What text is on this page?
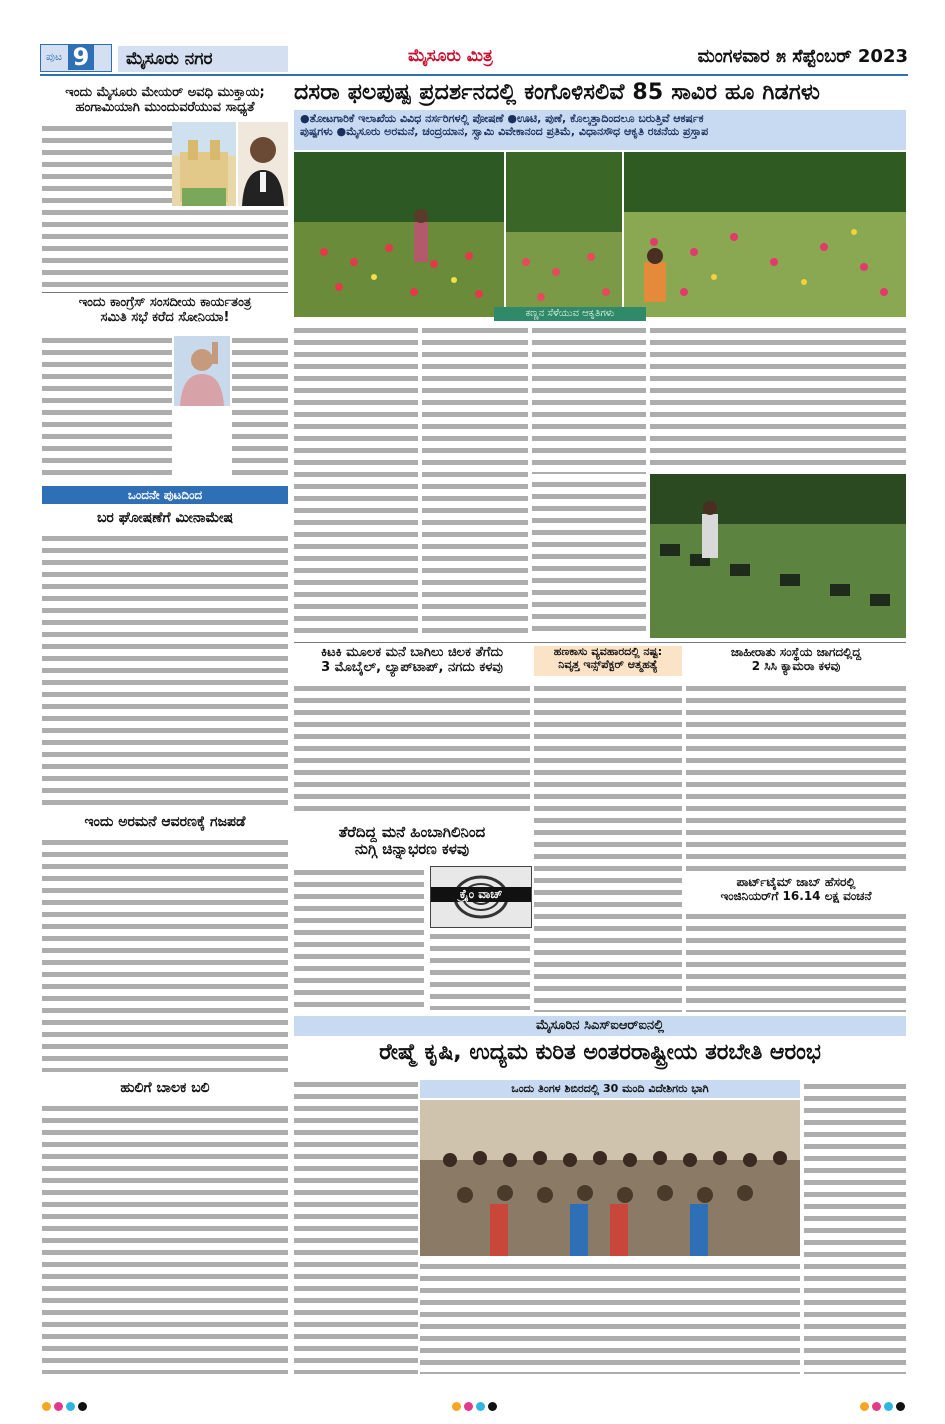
ಪುಟ 9	ಮೈಸೂರು ನಗರ	ಮೈಸೂರು ಮಿತ್ರ	ಮಂಗಳವಾರ ೫ ಸೆಪ್ಟೆಂಬರ್ 2023
ಇಂದು ಮೈಸೂರು ಮೇಯರ್ ಅವಧಿ ಮುಕ್ತಾಯ;
ಹಂಗಾಮಿಯಾಗಿ ಮುಂದುವರೆಯುವ ಸಾಧ್ಯತೆ
ಇಂದು ಕಾಂಗ್ರೆಸ್ ಸಂಸದೀಯ ಕಾರ್ಯತಂತ್ರ
ಸಮಿತಿ ಸಭೆ ಕರೆದ ಸೋನಿಯಾ!
ಒಂದನೇ ಪುಟದಿಂದ
ಬರ ಘೋಷಣೆಗೆ ಮೀನಾಮೇಷ
ಇಂದು ಅರಮನೆ ಆವರಣಕ್ಕೆ ಗಜಪಡೆ
ಹುಲಿಗೆ ಬಾಲಕ ಬಲಿ
ದಸರಾ ಫಲಪುಷ್ಪ ಪ್ರದರ್ಶನದಲ್ಲಿ ಕಂಗೊಳಿಸಲಿವೆ 85 ಸಾವಿರ ಹೂ ಗಿಡಗಳು
●ತೋಟಗಾರಿಕೆ ಇಲಾಖೆಯ ವಿವಿಧ ನರ್ಸರಿಗಳಲ್ಲಿ ಪೋಷಣೆ ●ಊಟಿ, ಪುಣೆ, ಕೊಲ್ಕತ್ತಾದಿಂದಲೂ ಬರುತ್ತಿವೆ ಆಕರ್ಷಕ
ಪುಷ್ಪಗಳು ●ಮೈಸೂರು ಅರಮನೆ, ಚಂದ್ರಯಾನ, ಸ್ವಾಮಿ ವಿವೇಕಾನಂದ ಪ್ರತಿಮೆ, ವಿಧಾನಸೌಧ ಆಕೃತಿ ರಚನೆಯ ಪ್ರಸ್ತಾಪ
ಕಣ್ಣನ ಸೆಳೆಯುವ ಆಕೃತಿಗಳು
ಕಿಟಕಿ ಮೂಲಕ ಮನೆ ಬಾಗಿಲು ಚಿಲಕ ತೆಗೆದು
3 ಮೊಬೈಲ್, ಲ್ಯಾಪ್‌ಟಾಪ್, ನಗದು ಕಳವು
ಹಣಕಾಸು ವ್ಯವಹಾರದಲ್ಲಿ ನಷ್ಟ:
ನಿವೃತ್ತ ಇನ್ಸ್‌ಪೆಕ್ಟರ್ ಆತ್ಮಹತ್ಯೆ
ಜಾಹೀರಾತು ಸಂಸ್ಥೆಯ ಜಾಗದಲ್ಲಿದ್ದ
2 ಸಿಸಿ ಕ್ಯಾಮರಾ ಕಳವು
ತೆರೆದಿದ್ದ ಮನೆ ಹಿಂಬಾಗಿಲಿನಿಂದ
ನುಗ್ಗಿ ಚಿನ್ನಾಭರಣ ಕಳವು
ಕ್ರೈಂ ವಾಚ್
ಪಾರ್ಟ್‌ಟೈಮ್ ಜಾಬ್ ಹೆಸರಲ್ಲಿ
ಇಂಜಿನಿಯರ್‌ಗೆ 16.14 ಲಕ್ಷ ವಂಚನೆ
ಮೈಸೂರಿನ ಸಿಎಸ್‌ಐಆರ್‌ಐನಲ್ಲಿ
ರೇಷ್ಮೆ ಕೃಷಿ, ಉದ್ಯಮ ಕುರಿತ ಅಂತರರಾಷ್ಟ್ರೀಯ ತರಬೇತಿ ಆರಂಭ
ಒಂದು ತಿಂಗಳ ಶಿಬಿರದಲ್ಲಿ 30 ಮಂದಿ ವಿದೇಶಿಗರು ಭಾಗಿ
